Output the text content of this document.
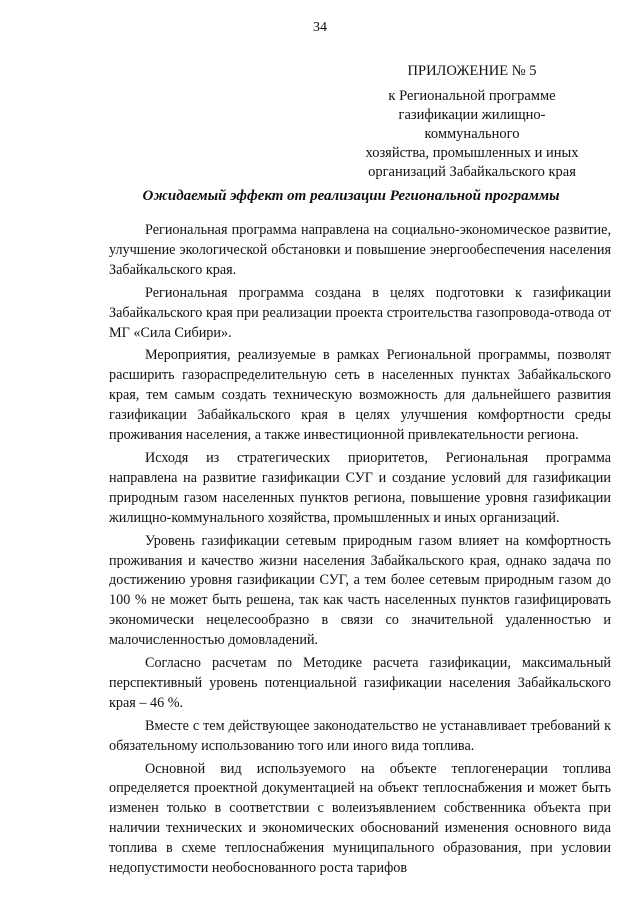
34
ПРИЛОЖЕНИЕ № 5
к Региональной программе
газификации жилищно-коммунального
хозяйства, промышленных и иных
организаций Забайкальского края
Ожидаемый эффект от реализации Региональной программы

Региональная программа направлена на социально-экономическое развитие, улучшение экологической обстановки и повышение энергообеспечения населения Забайкальского края.

Региональная программа создана в целях подготовки к газификации Забайкальского края при реализации проекта строительства газопровода-отвода от МГ «Сила Сибири».

Мероприятия, реализуемые в рамках Региональной программы, позволят расширить газораспределительную сеть в населенных пунктах Забайкальского края, тем самым создать техническую возможность для дальнейшего развития газификации Забайкальского края в целях улучшения комфортности среды проживания населения, а также инвестиционной привлекательности региона.

Исходя из стратегических приоритетов, Региональная программа направлена на развитие газификации СУГ и создание условий для газификации природным газом населенных пунктов региона, повышение уровня газификации жилищно-коммунального хозяйства, промышленных и иных организаций.

Уровень газификации сетевым природным газом влияет на комфортность проживания и качество жизни населения Забайкальского края, однако задача по достижению уровня газификации СУГ, а тем более сетевым природным газом до 100 % не может быть решена, так как часть населенных пунктов газифицировать экономически нецелесообразно в связи со значительной удаленностью и малочисленностью домовладений.

Согласно расчетам по Методике расчета газификации, максимальный перспективный уровень потенциальной газификации населения Забайкальского края – 46 %.

Вместе с тем действующее законодательство не устанавливает требований к обязательному использованию того или иного вида топлива.

Основной вид используемого на объекте теплогенерации топлива определяется проектной документацией на объект теплоснабжения и может быть изменен только в соответствии с волеизъявлением собственника объекта при наличии технических и экономических обоснований изменения основного вида топлива в схеме теплоснабжения муниципального образования, при условии недопустимости необоснованного роста тарифов
